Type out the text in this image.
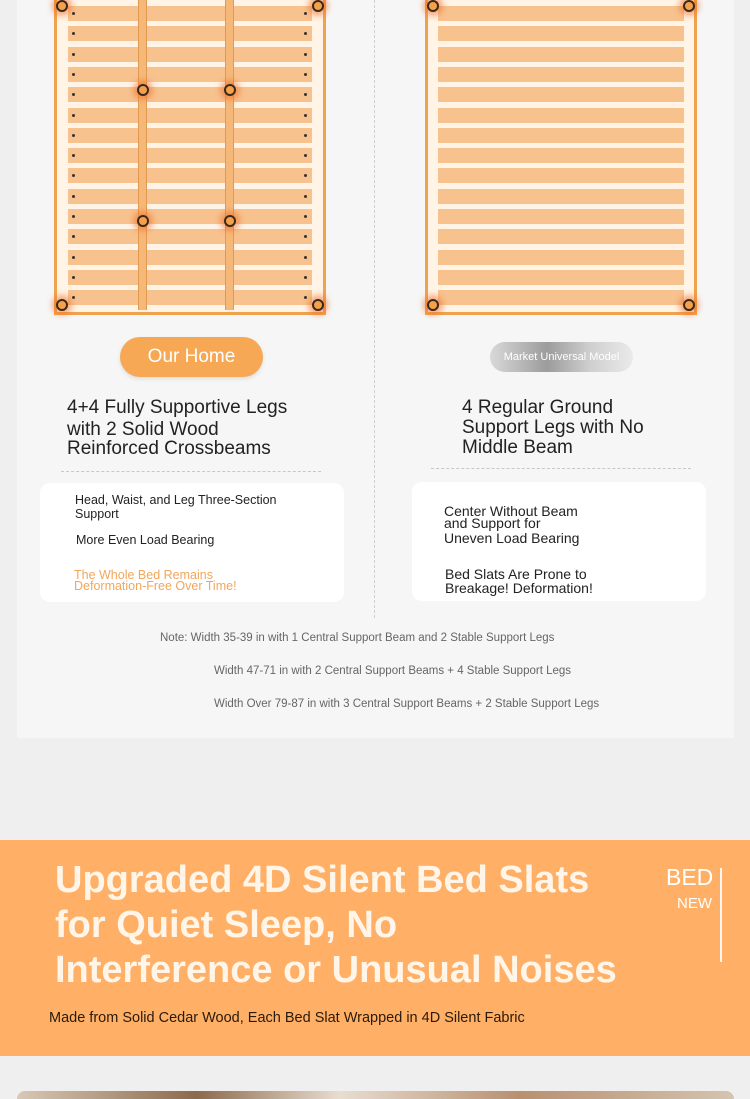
Our Home
4+4 Fully Supportive Legs
with 2 Solid Wood
Reinforced Crossbeams
Head, Waist, and Leg Three-Section
Support
More Even Load Bearing
The Whole Bed Remains
Deformation-Free Over Time!
Market Universal Model
4 Regular Ground
Support Legs with No
Middle Beam
Center Without Beam
and Support for
Uneven Load Bearing
Bed Slats Are Prone to
Breakage! Deformation!
Note: Width 35-39 in with 1 Central Support Beam and 2 Stable Support Legs
Width 47-71 in with 2 Central Support Beams + 4 Stable Support Legs
Width Over 79-87 in with 3 Central Support Beams + 2 Stable Support Legs
Upgraded 4D Silent Bed Slats
for Quiet Sleep, No
Interference or Unusual Noises
BED
NEW
Made from Solid Cedar Wood, Each Bed Slat Wrapped in 4D Silent Fabric
